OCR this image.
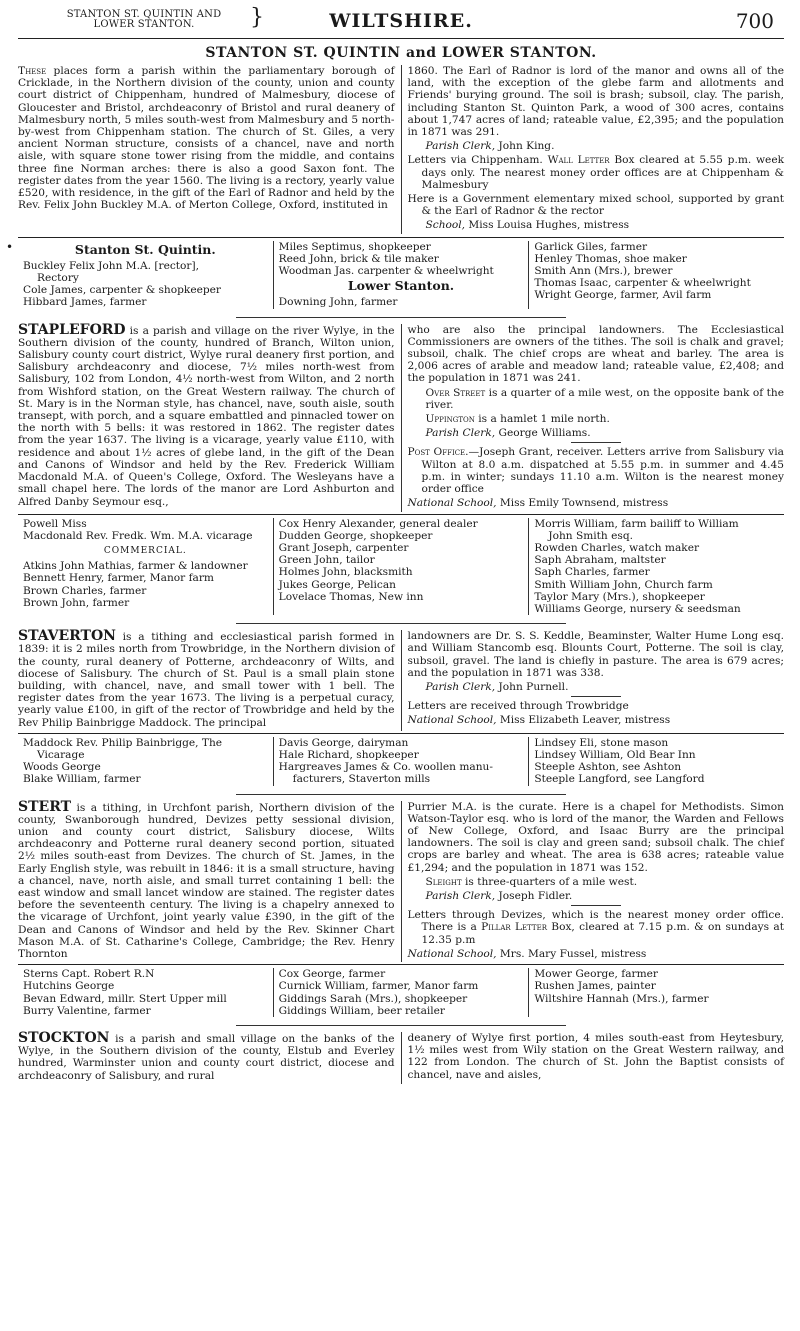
STANTON ST. QUINTIN AND
LOWER STANTON.	}	WILTSHIRE.	700
STANTON ST. QUINTIN and LOWER STANTON.

These places form a parish within the parliamentary borough of Cricklade, in the Northern division of the county, union and county court district of Chippenham, hundred of Malmesbury, diocese of Gloucester and Bristol, archdeaconry of Bristol and rural deanery of Malmesbury north, 5 miles south-west from Malmesbury and 5 north-by-west from Chippenham station. The church of St. Giles, a very ancient Norman structure, consists of a chancel, nave and north aisle, with square stone tower rising from the middle, and contains three fine Norman arches: there is also a good Saxon font. The register dates from the year 1560. The living is a rectory, yearly value £520, with residence, in the gift of the Earl of Radnor and held by the Rev. Felix John Buckley M.A. of Merton College, Oxford, instituted in

1860. The Earl of Radnor is lord of the manor and owns all of the land, with the exception of the glebe farm and allotments and Friends' burying ground. The soil is brash; subsoil, clay. The parish, including Stanton St. Quinton Park, a wood of 300 acres, contains about 1,747 acres of land; rateable value, £2,395; and the population in 1871 was 291.

Parish Clerk, John King.

Letters via Chippenham. Wall Letter Box cleared at 5.55 p.m. week days only. The nearest money order offices are at Chippenham & Malmesbury

Here is a Government elementary mixed school, supported by grant & the Earl of Radnor & the rector

School, Miss Louisa Hughes, mistress

•	Stanton St. Quintin.
Buckley Felix John M.A. [rector],
Rectory
Cole James, carpenter & shopkeeper
Hibbard James, farmer
Miles Septimus, shopkeeper
Reed John, brick & tile maker
Woodman Jas. carpenter & wheelwright
Lower Stanton.
Downing John, farmer
Garlick Giles, farmer
Henley Thomas, shoe maker
Smith Ann (Mrs.), brewer
Thomas Isaac, carpenter & wheelwright
Wright George, farmer, Avil farm

STAPLEFORD is a parish and village on the river Wylye, in the Southern division of the county, hundred of Branch, Wilton union, Salisbury county court district, Wylye rural deanery first portion, and Salisbury archdeaconry and diocese, 7½ miles north-west from Salisbury, 102 from London, 4½ north-west from Wilton, and 2 north from Wishford station, on the Great Western railway. The church of St. Mary is in the Norman style, has chancel, nave, south aisle, south transept, with porch, and a square embattled and pinnacled tower on the north with 5 bells: it was restored in 1862. The register dates from the year 1637. The living is a vicarage, yearly value £110, with residence and about 1½ acres of glebe land, in the gift of the Dean and Canons of Windsor and held by the Rev. Frederick William Macdonald M.A. of Queen's College, Oxford. The Wesleyans have a small chapel here. The lords of the manor are Lord Ashburton and Alfred Danby Seymour esq.,

who are also the principal landowners. The Ecclesiastical Commissioners are owners of the tithes. The soil is chalk and gravel; subsoil, chalk. The chief crops are wheat and barley. The area is 2,006 acres of arable and meadow land; rateable value, £2,408; and the population in 1871 was 241.

Over Street is a quarter of a mile west, on the opposite bank of the river.

Uppington is a hamlet 1 mile north.

Parish Clerk, George Williams.

Post Office.—Joseph Grant, receiver. Letters arrive from Salisbury via Wilton at 8.0 a.m. dispatched at 5.55 p.m. in summer and 4.45 p.m. in winter; sundays 11.10 a.m. Wilton is the nearest money order office

National School, Miss Emily Townsend, mistress

Powell Miss
Macdonald Rev. Fredk. Wm. M.A. vicarage
COMMERCIAL.
Atkins John Mathias, farmer & landowner
Bennett Henry, farmer, Manor farm
Brown Charles, farmer
Brown John, farmer
Cox Henry Alexander, general dealer
Dudden George, shopkeeper
Grant Joseph, carpenter
Green John, tailor
Holmes John, blacksmith
Jukes George, Pelican
Lovelace Thomas, New inn
Morris William, farm bailiff to William
John Smith esq.
Rowden Charles, watch maker
Saph Abraham, maltster
Saph Charles, farmer
Smith William John, Church farm
Taylor Mary (Mrs.), shopkeeper
Williams George, nursery & seedsman

STAVERTON is a tithing and ecclesiastical parish formed in 1839: it is 2 miles north from Trowbridge, in the Northern division of the county, rural deanery of Potterne, archdeaconry of Wilts, and diocese of Salisbury. The church of St. Paul is a small plain stone building, with chancel, nave, and small tower with 1 bell. The register dates from the year 1673. The living is a perpetual curacy, yearly value £100, in gift of the rector of Trowbridge and held by the Rev Philip Bainbrigge Maddock. The principal

landowners are Dr. S. S. Keddle, Beaminster, Walter Hume Long esq. and William Stancomb esq. Blounts Court, Potterne. The soil is clay, subsoil, gravel. The land is chiefly in pasture. The area is 679 acres; and the population in 1871 was 338.

Parish Clerk, John Purnell.

Letters are received through Trowbridge

National School, Miss Elizabeth Leaver, mistress

Maddock Rev. Philip Bainbrigge, The
Vicarage
Woods George
Blake William, farmer
Davis George, dairyman
Hale Richard, shopkeeper
Hargreaves James & Co. woollen manu-
facturers, Staverton mills
Lindsey Eli, stone mason
Lindsey William, Old Bear Inn
Steeple Ashton, see Ashton
Steeple Langford, see Langford

STERT is a tithing, in Urchfont parish, Northern division of the county, Swanborough hundred, Devizes petty sessional division, union and county court district, Salisbury diocese, Wilts archdeaconry and Potterne rural deanery second portion, situated 2½ miles south-east from Devizes. The church of St. James, in the Early English style, was rebuilt in 1846: it is a small structure, having a chancel, nave, north aisle, and small turret containing 1 bell: the east window and small lancet window are stained. The register dates before the seventeenth century. The living is a chapelry annexed to the vicarage of Urchfont, joint yearly value £390, in the gift of the Dean and Canons of Windsor and held by the Rev. Skinner Chart Mason M.A. of St. Catharine's College, Cambridge; the Rev. Henry Thornton

Purrier M.A. is the curate. Here is a chapel for Methodists. Simon Watson-Taylor esq. who is lord of the manor, the Warden and Fellows of New College, Oxford, and Isaac Burry are the principal landowners. The soil is clay and green sand; subsoil chalk. The chief crops are barley and wheat. The area is 638 acres; rateable value £1,294; and the population in 1871 was 152.

Sleight is three-quarters of a mile west.

Parish Clerk, Joseph Fidler.

Letters through Devizes, which is the nearest money order office. There is a Pillar Letter Box, cleared at 7.15 p.m. & on sundays at 12.35 p.m

National School, Mrs. Mary Fussel, mistress

Sterns Capt. Robert R.N
Hutchins George
Bevan Edward, millr. Stert Upper mill
Burry Valentine, farmer
Cox George, farmer
Curnick William, farmer, Manor farm
Giddings Sarah (Mrs.), shopkeeper
Giddings William, beer retailer
Mower George, farmer
Rushen James, painter
Wiltshire Hannah (Mrs.), farmer

STOCKTON is a parish and small village on the banks of the Wylye, in the Southern division of the county, Elstub and Everley hundred, Warminster union and county court district, diocese and archdeaconry of Salisbury, and rural

deanery of Wylye first portion, 4 miles south-east from Heytesbury, 1½ miles west from Wily station on the Great Western railway, and 122 from London. The church of St. John the Baptist consists of chancel, nave and aisles,
